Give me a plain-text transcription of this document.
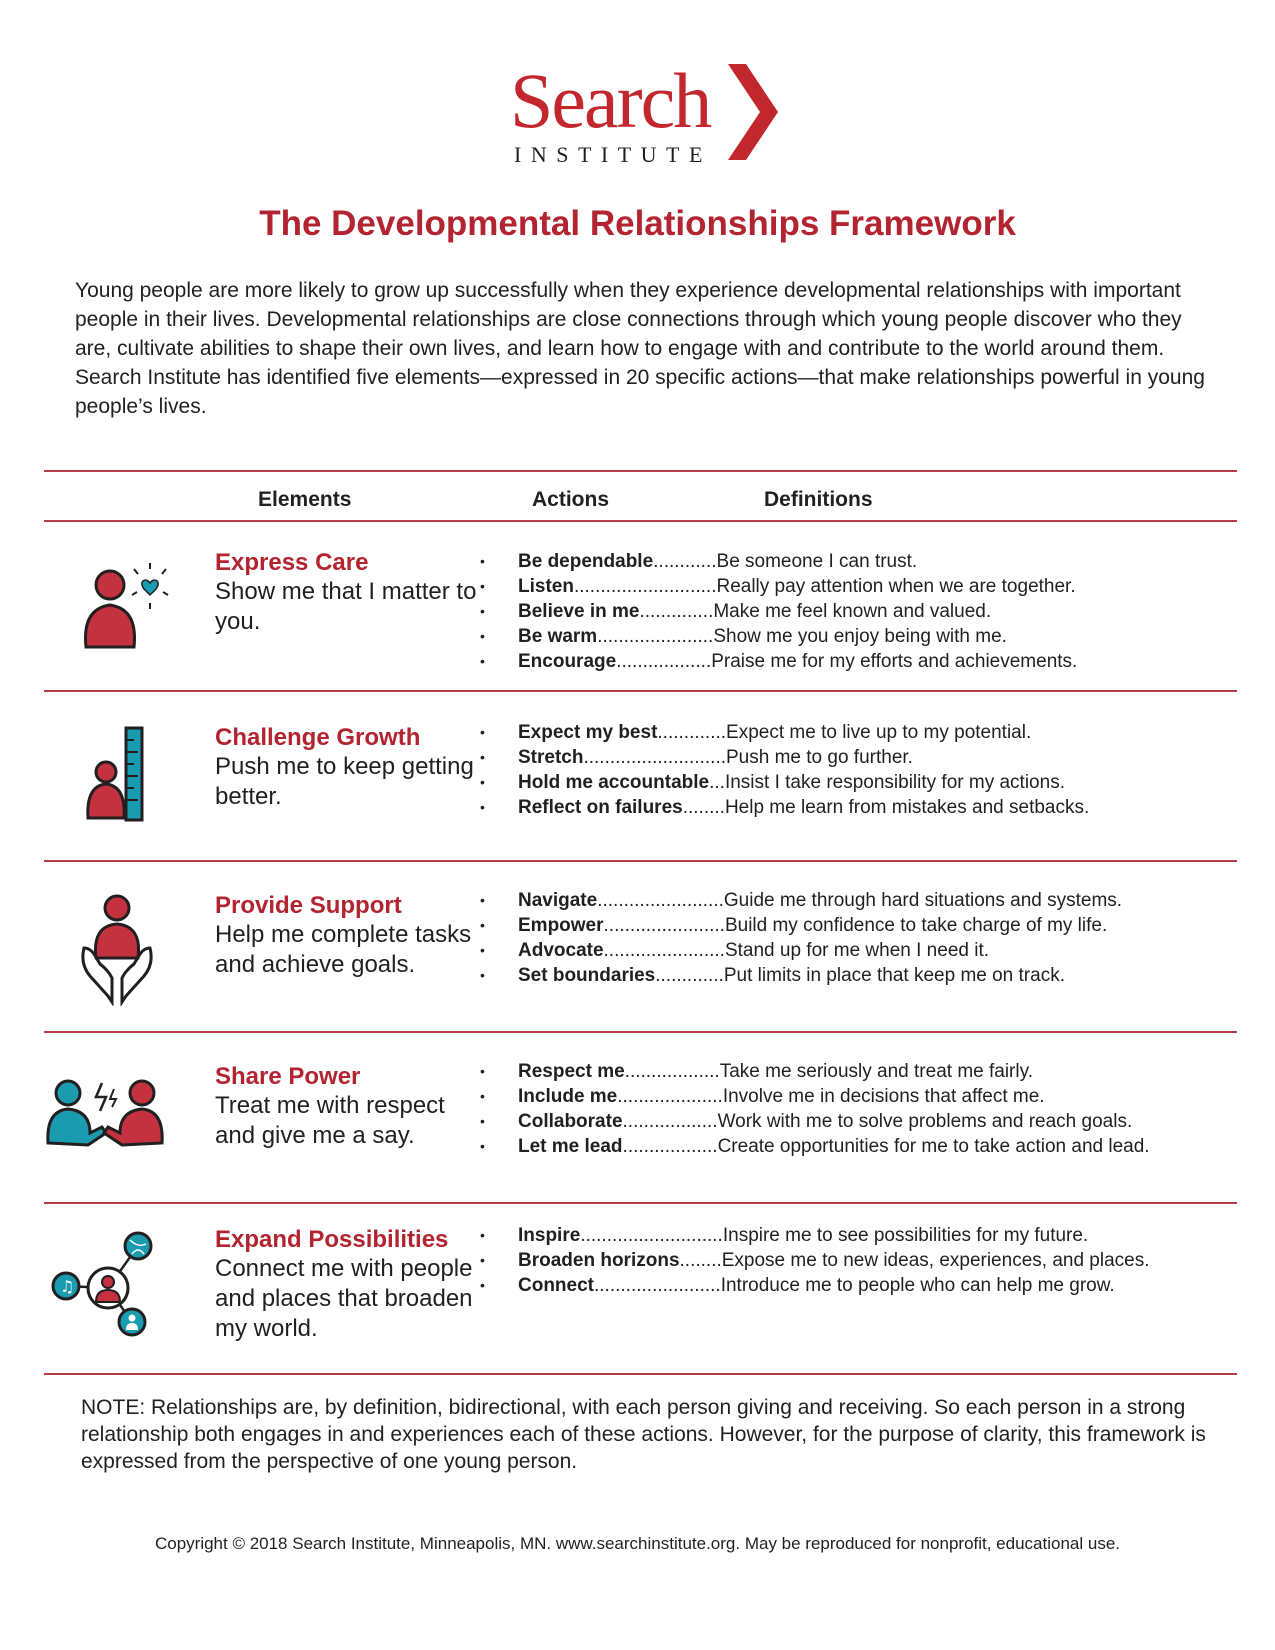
Search

INSTITUTE

The Developmental Relationships Framework

Young people are more likely to grow up successfully when they experience developmental relationships with important people in their lives. Developmental relationships are close connections through which young people discover who they are, cultivate abilities to shape their own lives, and learn how to engage with and contribute to the world around them. Search Institute has identified five elements—expressed in 20 specific actions—that make relationships powerful in young people’s lives.

Elements	Actions	Definitions

Express Care

Show me that I matter to you.

•	Be dependable............Be someone I can trust.
•	Listen...........................Really pay attention when we are together.
•	Believe in me..............Make me feel known and valued.
•	Be warm......................Show me you enjoy being with me.
•	Encourage..................Praise me for my efforts and achievements.

Challenge Growth

Push me to keep getting better.

•	Expect my best.............Expect me to live up to my potential.
•	Stretch...........................Push me to go further.
•	Hold me accountable...Insist I take responsibility for my actions.
•	Reflect on failures........Help me learn from mistakes and setbacks.

Provide Support

Help me complete tasks and achieve goals.

•	Navigate........................Guide me through hard situations and systems.
•	Empower.......................Build my confidence to take charge of my life.
•	Advocate.......................Stand up for me when I need it.
•	Set boundaries.............Put limits in place that keep me on track.

Share Power

Treat me with respect and give me a say.

•	Respect me..................Take me seriously and treat me fairly.
•	Include me....................Involve me in decisions that affect me.
•	Collaborate..................Work with me to solve problems and reach goals.
•	Let me lead..................Create opportunities for me to take action and lead.
♫

Expand Possibilities

Connect me with people and places that broaden my world.

•	Inspire...........................Inspire me to see possibilities for my future.
•	Broaden horizons........Expose me to new ideas, experiences, and places.
•	Connect........................Introduce me to people who can help me grow.

NOTE: Relationships are, by definition, bidirectional, with each person giving and receiving. So each person in a strong relationship both engages in and experiences each of these actions. However, for the purpose of clarity, this framework is expressed from the perspective of one young person.

Copyright © 2018 Search Institute, Minneapolis, MN. www.searchinstitute.org. May be reproduced for nonprofit, educational use.
